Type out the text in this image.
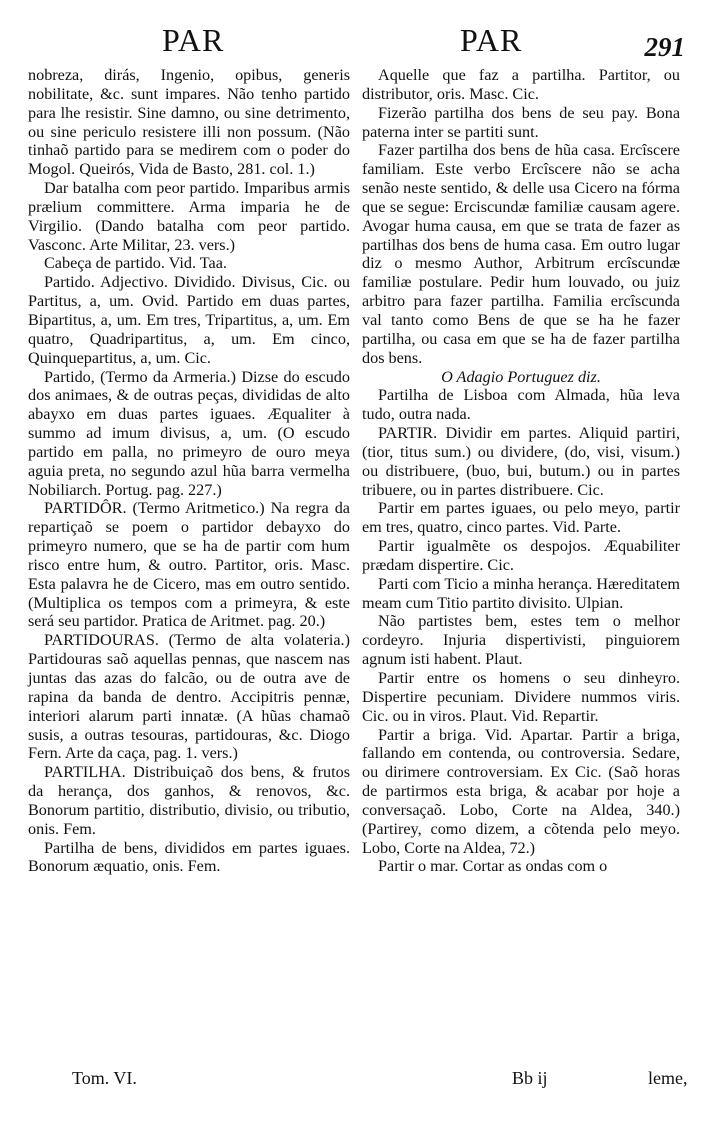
PAR	PAR	291

nobreza, dirás, Ingenio, opibus, generis nobilitate, &c. sunt impares. Não tenho partido para lhe resistir. Sine damno, ou sine detrimento, ou sine periculo resistere illi non possum. (Não tinhaõ partido para se medirem com o poder do Mogol. Queirós, Vida de Basto, 281. col. 1.)

Dar batalha com peor partido. Imparibus armis prælium committere. Arma imparia he de Virgilio. (Dando batalha com peor partido. Vasconc. Arte Militar, 23. vers.)

Cabeça de partido. Vid. Taa.

Partido. Adjectivo. Dividido. Divisus, Cic. ou Partitus, a, um. Ovid. Partido em duas partes, Bipartitus, a, um. Em tres, Tripartitus, a, um. Em quatro, Quadripartitus, a, um. Em cinco, Quinquepartitus, a, um. Cic.

Partido, (Termo da Armeria.) Dizse do escudo dos animaes, & de outras peças, divididas de alto abayxo em duas partes iguaes. Æqualiter à summo ad imum divisus, a, um. (O escudo partido em palla, no primeyro de ouro meya aguia preta, no segundo azul hũa barra vermelha Nobiliarch. Portug. pag. 227.)

PARTIDÔR. (Termo Aritmetico.) Na regra da repartiçaõ se poem o partidor debayxo do primeyro numero, que se ha de partir com hum risco entre hum, & outro. Partitor, oris. Masc. Esta palavra he de Cicero, mas em outro sentido. (Multiplica os tempos com a primeyra, & este será seu partidor. Pratica de Aritmet. pag. 20.)

PARTIDOURAS. (Termo de alta volateria.) Partidouras saõ aquellas pennas, que nascem nas juntas das azas do falcão, ou de outra ave de rapina da banda de dentro. Accipitris pennæ, interiori alarum parti innatæ. (A hũas chamaõ susis, a outras tesouras, partidouras, &c. Diogo Fern. Arte da caça, pag. 1. vers.)

PARTILHA. Distribuiçaõ dos bens, & frutos da herança, dos ganhos, & renovos, &c. Bonorum partitio, distributio, divisio, ou tributio, onis. Fem.

Partilha de bens, divididos em partes iguaes. Bonorum æquatio, onis. Fem.

Aquelle que faz a partilha. Partitor, ou distributor, oris. Masc. Cic.

Fizerão partilha dos bens de seu pay. Bona paterna inter se partiti sunt.

Fazer partilha dos bens de hũa casa. Ercîscere familiam. Este verbo Ercîscere não se acha senão neste sentido, & delle usa Cicero na fórma que se segue: Erciscundæ familiæ causam agere. Avogar huma causa, em que se trata de fazer as partilhas dos bens de huma casa. Em outro lugar diz o mesmo Author, Arbitrum ercîscundæ familiæ postulare. Pedir hum louvado, ou juiz arbitro para fazer partilha. Familia ercîscunda val tanto como Bens de que se ha he fazer partilha, ou casa em que se ha de fazer partilha dos bens.

O Adagio Portuguez diz.

Partilha de Lisboa com Almada, hũa leva tudo, outra nada.

PARTIR. Dividir em partes. Aliquid partiri, (tior, titus sum.) ou dividere, (do, visi, visum.) ou distribuere, (buo, bui, butum.) ou in partes tribuere, ou in partes distribuere. Cic.

Partir em partes iguaes, ou pelo meyo, partir em tres, quatro, cinco partes. Vid. Parte.

Partir igualmẽte os despojos. Æquabiliter prædam dispertire. Cic.

Parti com Ticio a minha herança. Hæreditatem meam cum Titio partito divisito. Ulpian.

Não partistes bem, estes tem o melhor cordeyro. Injuria dispertivisti, pinguiorem agnum isti habent. Plaut.

Partir entre os homens o seu dinheyro. Dispertire pecuniam. Dividere nummos viris. Cic. ou in viros. Plaut. Vid. Repartir.

Partir a briga. Vid. Apartar. Partir a briga, fallando em contenda, ou controversia. Sedare, ou dirimere controversiam. Ex Cic. (Saõ horas de partirmos esta briga, & acabar por hoje a conversaçaõ. Lobo, Corte na Aldea, 340.) (Partirey, como dizem, a cõtenda pelo meyo. Lobo, Corte na Aldea, 72.)

Partir o mar. Cortar as ondas com o

Tom. VI.	Bb ij	leme,
